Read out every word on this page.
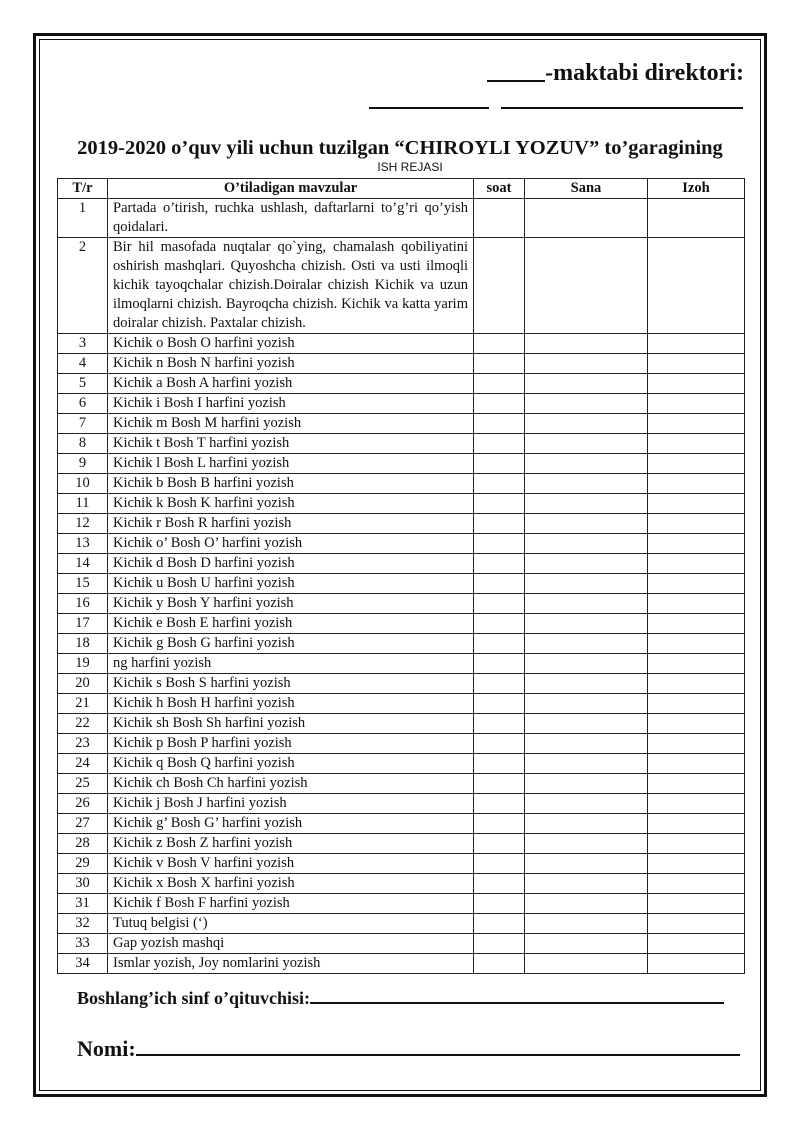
-maktabi direktori:
2019-2020 o’quv yili uchun tuzilgan “CHIROYLI YOZUV” to’garagining
ISH REJASI
T/r	O’tiladigan mavzular	soat	Sana	Izoh
1	Partada o’tirish, ruchka ushlash, daftarlarni to’g’ri qo’yish qoidalari.			
2	Bir hil masofada nuqtalar qo`ying, chamalash qobiliyatini oshirish mashqlari. Quyoshcha chizish. Osti va usti ilmoqli kichik tayoqchalar chizish.Doiralar chizish Kichik va uzun ilmoqlarni chizish. Bayroqcha chizish. Kichik va katta yarim doiralar chizish. Paxtalar chizish.			
3	Kichik o Bosh O harfini yozish			
4	Kichik n Bosh N harfini yozish			
5	Kichik a Bosh A harfini yozish			
6	Kichik i Bosh I harfini yozish			
7	Kichik m Bosh M harfini yozish			
8	Kichik t Bosh T harfini yozish			
9	Kichik l Bosh L harfini yozish			
10	Kichik b Bosh B harfini yozish			
11	Kichik k Bosh K harfini yozish			
12	Kichik r Bosh R harfini yozish			
13	Kichik o’ Bosh O’ harfini yozish			
14	Kichik d Bosh D harfini yozish			
15	Kichik u Bosh U harfini yozish			
16	Kichik y Bosh Y harfini yozish			
17	Kichik e Bosh E harfini yozish			
18	Kichik g Bosh G harfini yozish			
19	ng harfini yozish			
20	Kichik s Bosh S harfini yozish			
21	Kichik h Bosh H harfini yozish			
22	Kichik sh Bosh Sh harfini yozish			
23	Kichik p Bosh P harfini yozish			
24	Kichik q Bosh Q harfini yozish			
25	Kichik ch Bosh Ch harfini yozish			
26	Kichik j Bosh J harfini yozish			
27	Kichik g’ Bosh G’ harfini yozish			
28	Kichik z Bosh Z harfini yozish			
29	Kichik v Bosh V harfini yozish			
30	Kichik x Bosh X harfini yozish			
31	Kichik f Bosh F harfini yozish			
32	Tutuq belgisi (‘)			
33	Gap yozish mashqi			
34	Ismlar yozish, Joy nomlarini yozish			
Boshlang’ich sinf o’qituvchisi:
Nomi:
